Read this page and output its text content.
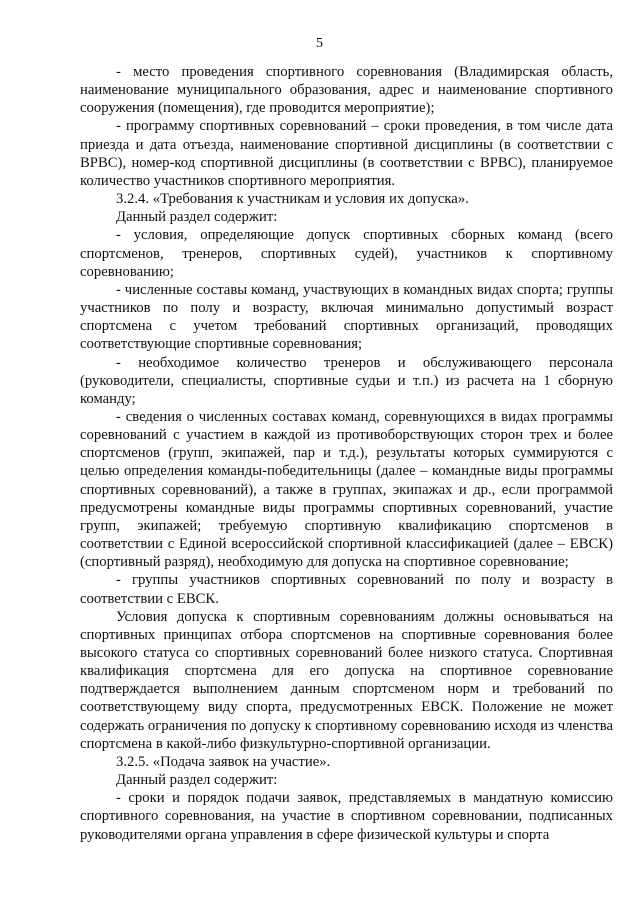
5

- место проведения спортивного соревнования (Владимирская область, наименование муниципального образования, адрес и наименование спортивного сооружения (помещения), где проводится мероприятие);

- программу спортивных соревнований – сроки проведения, в том числе дата приезда и дата отъезда, наименование спортивной дисциплины (в соответствии с ВРВС), номер-код спортивной дисциплины (в соответствии с ВРВС), планируемое количество участников спортивного мероприятия.

3.2.4. «Требования к участникам и условия их допуска».

Данный раздел содержит:

- условия, определяющие допуск спортивных сборных команд (всего спортсменов, тренеров, спортивных судей), участников к спортивному соревнованию;

- численные составы команд, участвующих в командных видах спорта; группы участников по полу и возрасту, включая минимально допустимый возраст спортсмена с учетом требований спортивных организаций, проводящих соответствующие спортивные соревнования;

- необходимое количество тренеров и обслуживающего персонала (руководители, специалисты, спортивные судьи и т.п.) из расчета на 1 сборную команду;

- сведения о численных составах команд, соревнующихся в видах программы соревнований с участием в каждой из противоборствующих сторон трех и более спортсменов (групп, экипажей, пар и т.д.), результаты которых суммируются с целью определения команды-победительницы (далее – командные виды программы спортивных соревнований), а также в группах, экипажах и др., если программой предусмотрены командные виды программы спортивных соревнований, участие групп, экипажей; требуемую спортивную квалификацию спортсменов в соответствии с Единой всероссийской спортивной классификацией (далее – ЕВСК) (спортивный разряд), необходимую для допуска на спортивное соревнование;

- группы участников спортивных соревнований по полу и возрасту в соответствии с ЕВСК.

Условия допуска к спортивным соревнованиям должны основываться на спортивных принципах отбора спортсменов на спортивные соревнования более высокого статуса со спортивных соревнований более низкого статуса. Спортивная квалификация спортсмена для его допуска на спортивное соревнование подтверждается выполнением данным спортсменом норм и требований по соответствующему виду спорта, предусмотренных ЕВСК. Положение не может содержать ограничения по допуску к спортивному соревнованию исходя из членства спортсмена в какой-либо физкультурно-спортивной организации.

3.2.5. «Подача заявок на участие».

Данный раздел содержит:

- сроки и порядок подачи заявок, представляемых в мандатную комиссию спортивного соревнования, на участие в спортивном соревновании, подписанных руководителями органа управления в сфере физической культуры и спорта
